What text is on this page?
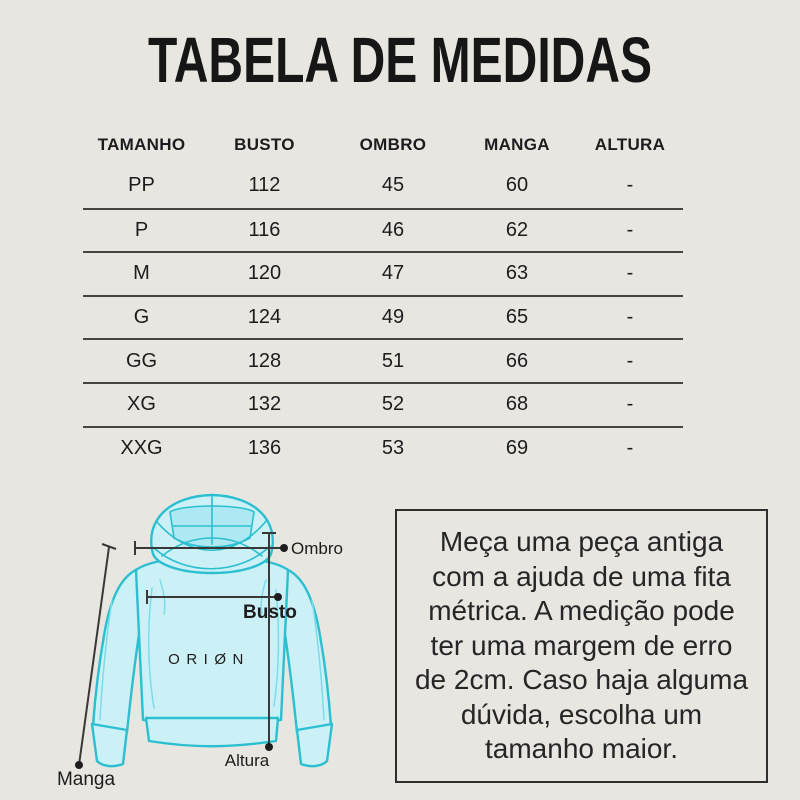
TABELA DE MEDIDAS
TAMANHO	BUSTO	OMBRO	MANGA	ALTURA
PP	112	45	60	-
P	116	46	62	-
M	120	47	63	-
G	124	49	65	-
GG	128	51	66	-
XG	132	52	68	-
XXG	136	53	69	-
ORIØN
Ombro
Busto
Altura
Manga
Meça uma peça antiga
com a ajuda de uma fita
métrica. A medição pode
ter uma margem de erro
de 2cm. Caso haja alguma
dúvida, escolha um
tamanho maior.
